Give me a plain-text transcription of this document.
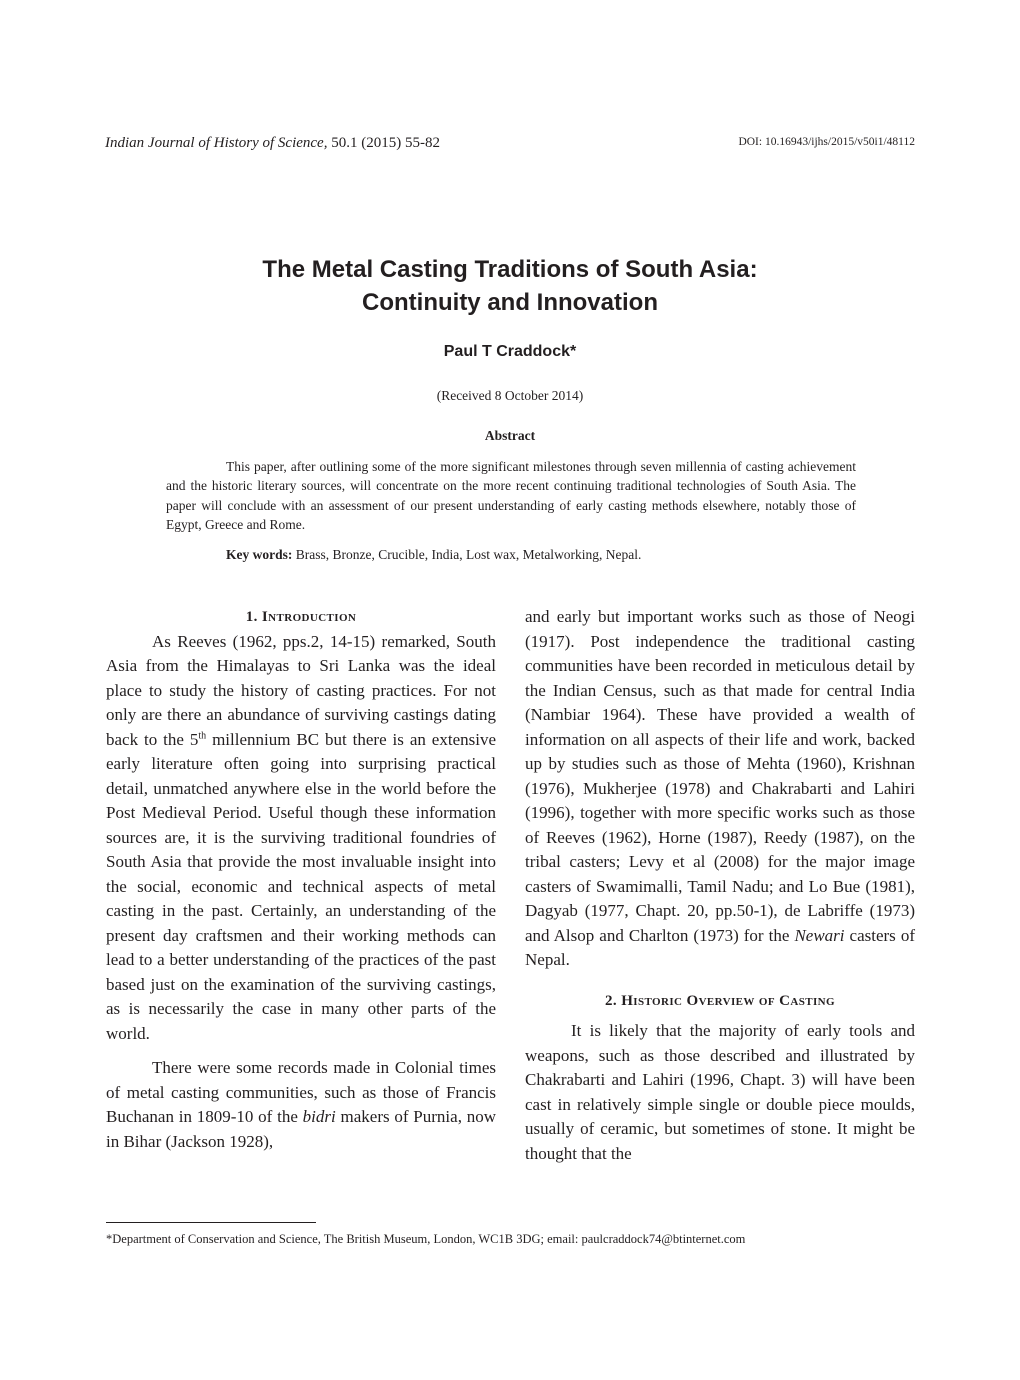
Indian Journal of History of Science, 50.1 (2015) 55-82	DOI: 10.16943/ijhs/2015/v50i1/48112
The Metal Casting Traditions of South Asia:
Continuity and Innovation
Paul T Craddock*
(Received 8 October 2014)
Abstract

This paper, after outlining some of the more significant milestones through seven millennia of casting achievement and the historic literary sources, will concentrate on the more recent continuing traditional technologies of South Asia. The paper will conclude with an assessment of our present understanding of early casting methods elsewhere, notably those of Egypt, Greece and Rome.

Key words: Brass, Bronze, Crucible, India, Lost wax, Metalworking, Nepal.
1. Introduction

As Reeves (1962, pps.2, 14-15) remarked, South Asia from the Himalayas to Sri Lanka was the ideal place to study the history of casting practices. For not only are there an abundance of surviving castings dating back to the 5th millennium BC but there is an extensive early literature often going into surprising practical detail, unmatched anywhere else in the world before the Post Medieval Period. Useful though these information sources are, it is the surviving traditional foundries of South Asia that provide the most invaluable insight into the social, economic and technical aspects of metal casting in the past. Certainly, an understanding of the present day craftsmen and their working methods can lead to a better understanding of the practices of the past based just on the examination of the surviving castings, as is necessarily the case in many other parts of the world.

There were some records made in Colonial times of metal casting communities, such as those of Francis Buchanan in 1809-10 of the bidri makers of Purnia, now in Bihar (Jackson 1928),

and early but important works such as those of Neogi (1917). Post independence the traditional casting communities have been recorded in meticulous detail by the Indian Census, such as that made for central India (Nambiar 1964). These have provided a wealth of information on all aspects of their life and work, backed up by studies such as those of Mehta (1960), Krishnan (1976), Mukherjee (1978) and Chakrabarti and Lahiri (1996), together with more specific works such as those of Reeves (1962), Horne (1987), Reedy (1987), on the tribal casters; Levy et al (2008) for the major image casters of Swamimalli, Tamil Nadu; and Lo Bue (1981), Dagyab (1977, Chapt. 20, pp.50-1), de Labriffe (1973) and Alsop and Charlton (1973) for the Newari casters of Nepal.

2. Historic Overview of Casting

It is likely that the majority of early tools and weapons, such as those described and illustrated by Chakrabarti and Lahiri (1996, Chapt. 3) will have been cast in relatively simple single or double piece moulds, usually of ceramic, but sometimes of stone. It might be thought that the

*Department of Conservation and Science, The British Museum, London, WC1B 3DG; email: paulcraddock74@btinternet.com
